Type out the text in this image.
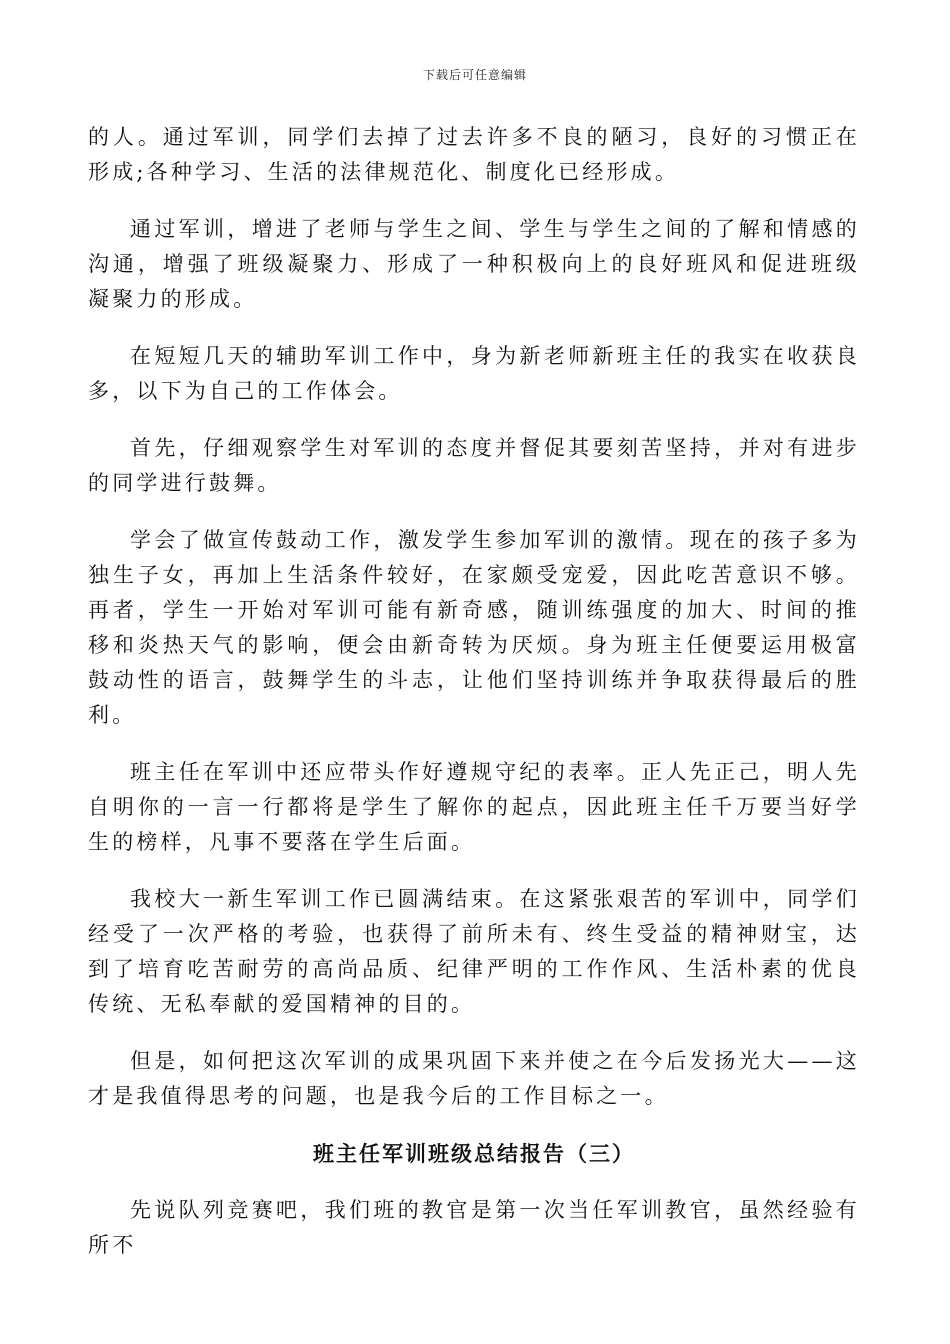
下载后可任意编辑

的人。通过军训，同学们去掉了过去许多不良的陋习，良好的习惯正在形成;各种学习、生活的法律规范化、制度化已经形成。

通过军训，增进了老师与学生之间、学生与学生之间的了解和情感的沟通，增强了班级凝聚力、形成了一种积极向上的良好班风和促进班级凝聚力的形成。

在短短几天的辅助军训工作中，身为新老师新班主任的我实在收获良多，以下为自己的工作体会。

首先，仔细观察学生对军训的态度并督促其要刻苦坚持，并对有进步的同学进行鼓舞。

学会了做宣传鼓动工作，激发学生参加军训的激情。现在的孩子多为独生子女，再加上生活条件较好，在家颇受宠爱，因此吃苦意识不够。再者，学生一开始对军训可能有新奇感，随训练强度的加大、时间的推移和炎热天气的影响，便会由新奇转为厌烦。身为班主任便要运用极富鼓动性的语言，鼓舞学生的斗志，让他们坚持训练并争取获得最后的胜利。

班主任在军训中还应带头作好遵规守纪的表率。正人先正己，明人先自明你的一言一行都将是学生了解你的起点，因此班主任千万要当好学生的榜样，凡事不要落在学生后面。

我校大一新生军训工作已圆满结束。在这紧张艰苦的军训中，同学们经受了一次严格的考验，也获得了前所未有、终生受益的精神财宝，达到了培育吃苦耐劳的高尚品质、纪律严明的工作作风、生活朴素的优良传统、无私奉献的爱国精神的目的。

但是，如何把这次军训的成果巩固下来并使之在今后发扬光大——这才是我值得思考的问题，也是我今后的工作目标之一。

班主任军训班级总结报告（三）

先说队列竞赛吧，我们班的教官是第一次当任军训教官，虽然经验有所不
